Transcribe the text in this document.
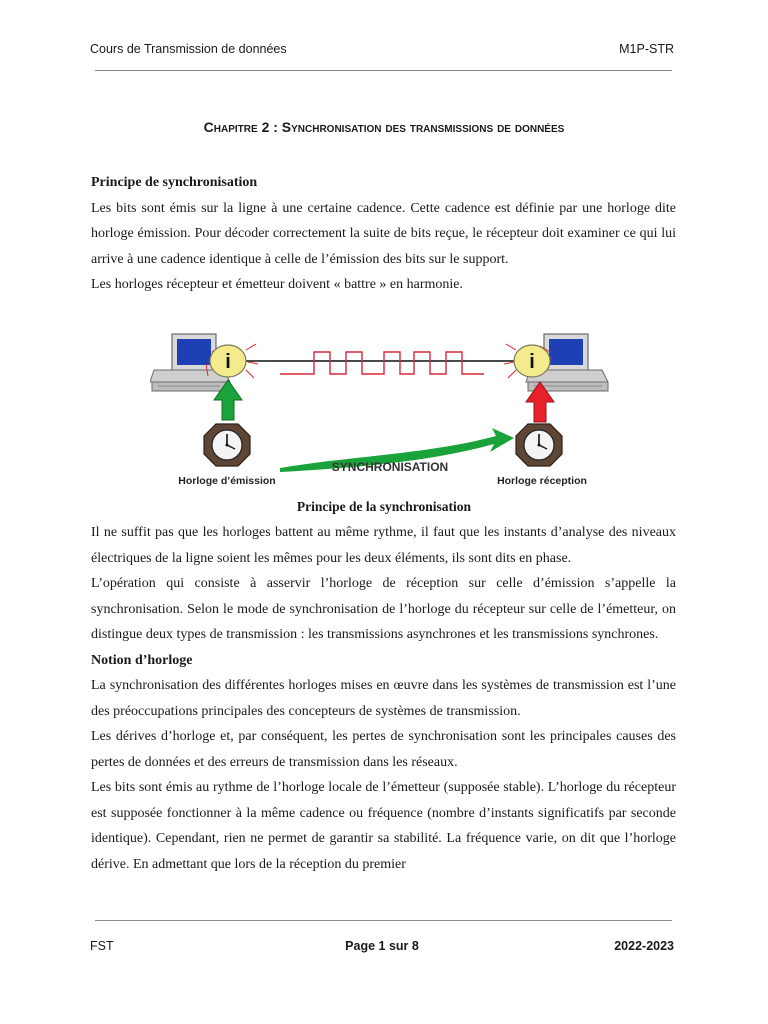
Cours de Transmission de données	M1P-STR
Chapitre 2 : Synchronisation des transmissions de données
Principe de synchronisation

Les bits sont émis sur la ligne à une certaine cadence. Cette cadence est définie par une horloge dite horloge émission. Pour décoder correctement la suite de bits reçue, le récepteur doit examiner ce qui lui arrive à une cadence identique à celle de l’émission des bits sur le support.

Les horloges récepteur et émetteur doivent « battre » en harmonie.

i	i
SYNCHRONISATION
Horloge d’émission	Horloge réception
Principe de la synchronisation

Il ne suffit pas que les horloges battent au même rythme, il faut que les instants d’analyse des niveaux électriques de la ligne soient les mêmes pour les deux éléments, ils sont dits en phase.

L’opération qui consiste à asservir l’horloge de réception sur celle d’émission s’appelle la synchronisation. Selon le mode de synchronisation de l’horloge du récepteur sur celle de l’émetteur, on distingue deux types de transmission : les transmissions asynchrones et les transmissions synchrones.

Notion d’horloge

La synchronisation des différentes horloges mises en œuvre dans les systèmes de transmission est l’une des préoccupations principales des concepteurs de systèmes de transmission.

Les dérives d’horloge et, par conséquent, les pertes de synchronisation sont les principales causes des pertes de données et des erreurs de transmission dans les réseaux.

Les bits sont émis au rythme de l’horloge locale de l’émetteur (supposée stable). L’horloge du récepteur est supposée fonctionner à la même cadence ou fréquence (nombre d’instants significatifs par seconde identique). Cependant, rien ne permet de garantir sa stabilité. La fréquence varie, on dit que l’horloge dérive. En admettant que lors de la réception du premier

FST	Page 1 sur 8	2022-2023
